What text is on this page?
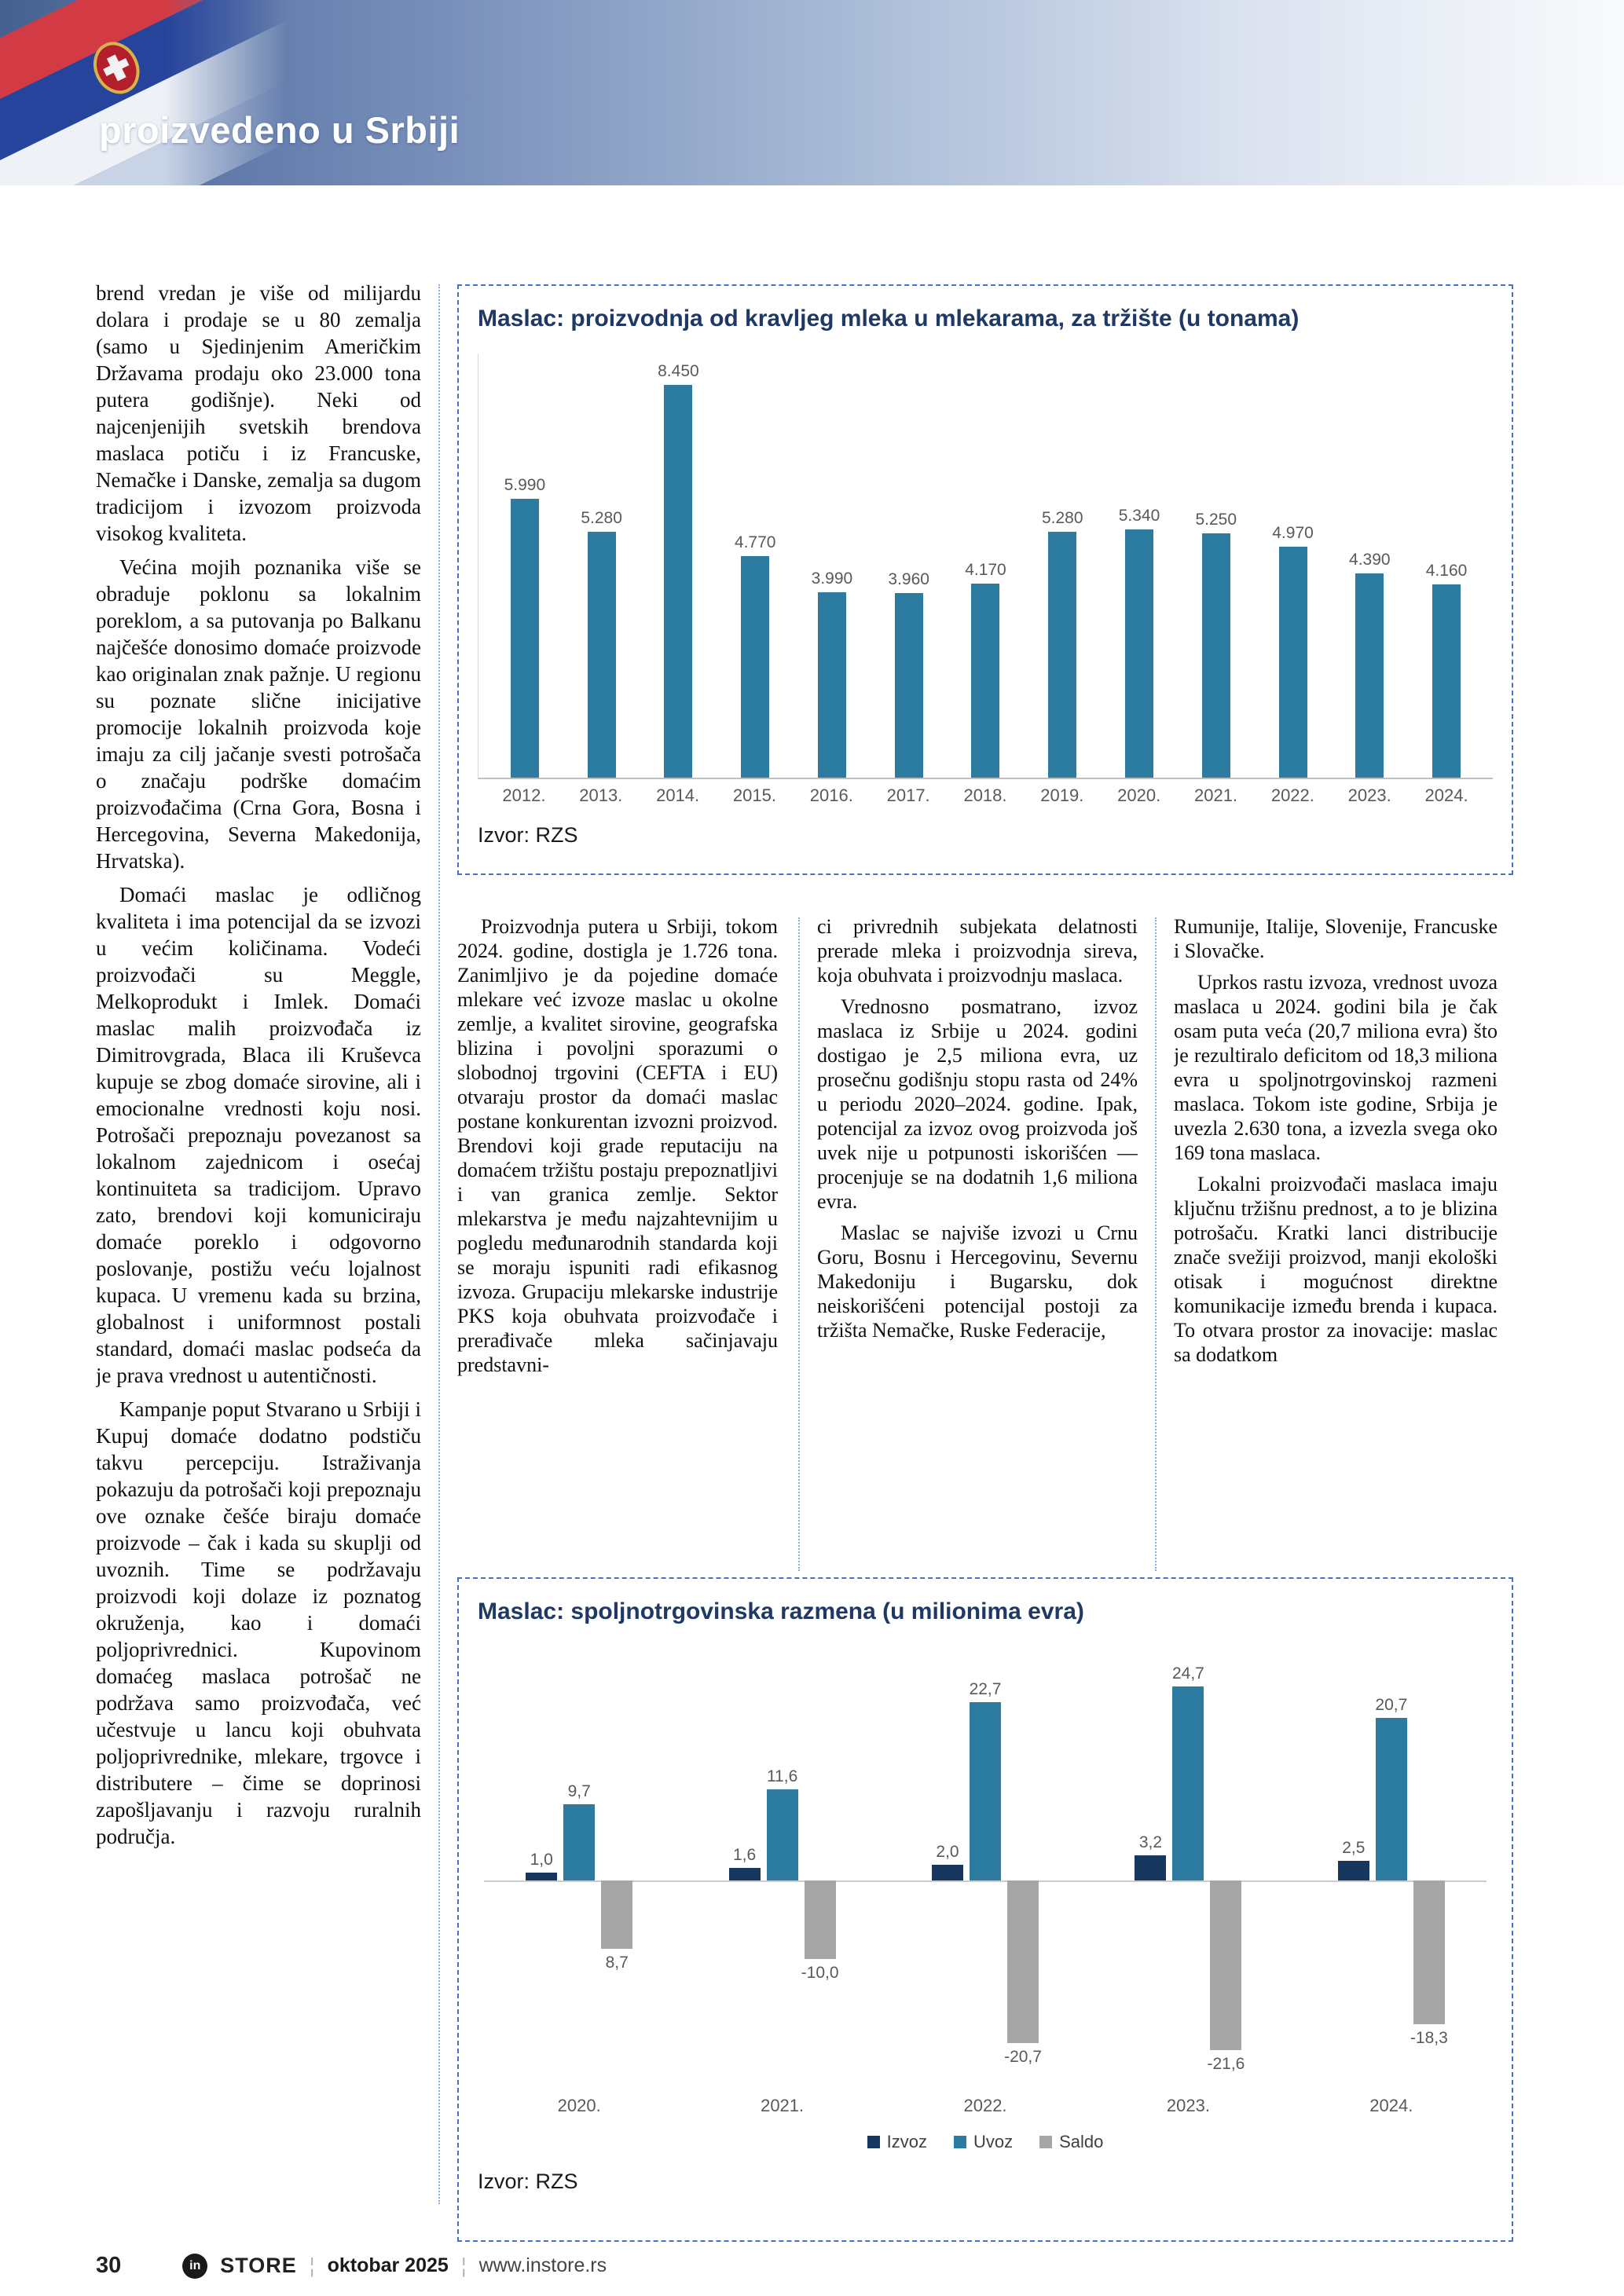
proizvedeno u Srbiji

brend vredan je više od milijardu dolara i prodaje se u 80 zemalja (samo u Sjedinjenim Američkim Državama prodaju oko 23.000 tona putera godišnje). Neki od najcenjenijih svetskih brendova maslaca potiču i iz Francuske, Nemačke i Danske, zemalja sa dugom tradicijom i izvozom proizvoda visokog kvaliteta.

Većina mojih poznanika više se obraduje poklonu sa lokalnim poreklom, a sa putovanja po Balkanu najčešće donosimo domaće proizvode kao originalan znak pažnje. U regionu su poznate slične inicijative promocije lokalnih proizvoda koje imaju za cilj jačanje svesti potrošača o značaju podrške domaćim proizvođačima (Crna Gora, Bosna i Hercegovina, Severna Makedonija, Hrvatska).

Domaći maslac je odličnog kvaliteta i ima potencijal da se izvozi u većim količinama. Vodeći proizvođači su Meggle, Melkoprodukt i Imlek. Domaći maslac malih proizvođača iz Dimitrovgrada, Blaca ili Kruševca kupuje se zbog domaće sirovine, ali i emocionalne vrednosti koju nosi. Potrošači prepoznaju povezanost sa lokalnom zajednicom i osećaj kontinuiteta sa tradicijom. Upravo zato, brendovi koji komuniciraju domaće poreklo i odgovorno poslovanje, postižu veću lojalnost kupaca. U vremenu kada su brzina, globalnost i uniformnost postali standard, domaći maslac podseća da je prava vrednost u autentičnosti.

Kampanje poput Stvarano u Srbiji i Kupuj domaće dodatno podstiču takvu percepciju. Istraživanja pokazuju da potrošači koji prepoznaju ove oznake češće biraju domaće proizvode – čak i kada su skuplji od uvoznih. Time se podržavaju proizvodi koji dolaze iz poznatog okruženja, kao i domaći poljoprivrednici. Kupovinom domaćeg maslaca potrošač ne podržava samo proizvođača, već učestvuje u lancu koji obuhvata poljoprivrednike, mlekare, trgovce i distributere – čime se doprinosi zapošljavanju i razvoju ruralnih područja.

Maslac: proizvodnja od kravljeg mleka u mlekarama, za tržište (u tonama)
5.990
5.280
8.450
4.770
3.990 3.960
4.170
5.280 5.340 5.250
4.970
4.390
4.160
2012.	2013.	2014.	2015.	2016.	2017.	2018.	2019.	2020.	2021.	2022.	2023.	2024.
Izvor: RZS

Proizvodnja putera u Srbiji, tokom 2024. godine, dostigla je 1.726 tona. Zanimljivo je da pojedine domaće mlekare već izvoze maslac u okolne zemlje, a kvalitet sirovine, geografska blizina i povoljni sporazumi o slobodnoj trgovini (CEFTA i EU) otvaraju prostor da domaći maslac postane konkurentan izvozni proizvod. Brendovi koji grade reputaciju na domaćem tržištu postaju prepoznatljivi i van granica zemlje. Sektor mlekarstva je među najzahtevnijim u pogledu međunarodnih standarda koji se moraju ispuniti radi efikasnog izvoza. Grupaciju mlekarske industrije PKS koja obuhvata proizvođače i prerađivače mleka sačinjavaju predstavni-

ci privrednih subjekata delatnosti prerade mleka i proizvodnja sireva, koja obuhvata i proizvodnju maslaca.

Vrednosno posmatrano, izvoz maslaca iz Srbije u 2024. godini dostigao je 2,5 miliona evra, uz prosečnu godišnju stopu rasta od 24% u periodu 2020–2024. godine. Ipak, potencijal za izvoz ovog proizvoda još uvek nije u potpunosti iskorišćen — procenjuje se na dodatnih 1,6 miliona evra.

Maslac se najviše izvozi u Crnu Goru, Bosnu i Hercegovinu, Severnu Makedoniju i Bugarsku, dok neiskorišćeni potencijal postoji za tržišta Nemačke, Ruske Federacije,

Rumunije, Italije, Slovenije, Francuske i Slovačke.

Uprkos rastu izvoza, vrednost uvoza maslaca u 2024. godini bila je čak osam puta veća (20,7 miliona evra) što je rezultiralo deficitom od 18,3 miliona evra u spoljnotrgovinskoj razmeni maslaca. Tokom iste godine, Srbija je uvezla 2.630 tona, a izvezla svega oko 169 tona maslaca.

Lokalni proizvođači maslaca imaju ključnu tržišnu prednost, a to je blizina potrošaču. Kratki lanci distribucije znače svežiji proizvod, manji ekološki otisak i mogućnost direktne komunikacije između brenda i kupaca. To otvara prostor za inovacije: maslac sa dodatkom

Maslac: spoljnotrgovinska razmena (u milionima evra)
1,0
9,7
8,7
1,6
11,6
-10,0
2,0
22,7
-20,7
3,2
24,7
-21,6
2,5
20,7
-18,3
2020.	2021.	2022.	2023.	2024.
Izvoz	Uvoz	Saldo
Izvor: RZS
30	in STORE ¦ oktobar 2025 ¦ www.instore.rs
